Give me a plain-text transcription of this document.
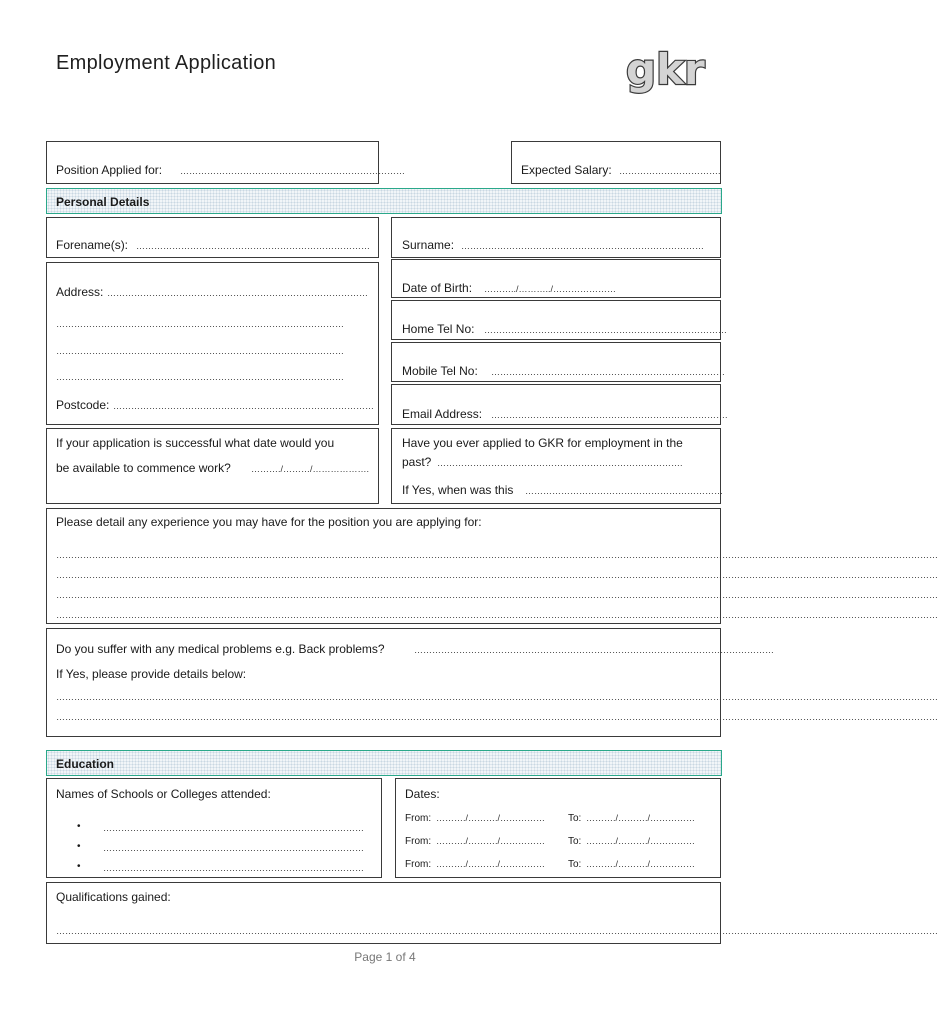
Employment Application	gkr
Position Applied for: …………………………………………………………………	Expected Salary: …………………………….
Personal Details
Forename(s): ……………………………………………………………………	Surname: ………………………………………………………………………
Address: ……………………………………………………………………………
……………………………………………………………………………………
……………………………………………………………………………………
……………………………………………………………………………………
Postcode: ……………………………………………………………………………
Date of Birth: ………../………../…………………
Home Tel No: ………………………………………………………………………
Mobile Tel No: ……………………………………………………………………
Email Address: …………………………………………………………………….
If your application is successful what date would you
be available to commence work? ………./………/……………….
Have you ever applied to GKR for employment in the
past? ……………………………………………………………………….
If Yes, when was this …………………………………………………………
Please detail any experience you may have for the position you are applying for:
……………………………………………………………………………………………………………………………………………………………………………………………………………………………………………………………………
……………………………………………………………………………………………………………………………………………………………………………………………………………………………………………………………………
……………………………………………………………………………………………………………………………………………………………………………………………………………………………………………………………………
……………………………………………………………………………………………………………………………………………………………………………………………………………………………………………………………………
Do you suffer with any medical problems e.g. Back problems?	…………………………………………………………………………………………………………
If Yes, please provide details below:
……………………………………………………………………………………………………………………………………………………………………………………………………………………………………………………………………
……………………………………………………………………………………………………………………………………………………………………………………………………………………………………………………………………
Education
Names of Schools or Colleges attended:
• ……………………………………………………………………………
• ……………………………………………………………………………
• ……………………………………………………………………………
Dates:
From: ………./………./…………… To: ………./………./……………
From: ………./………./…………… To: ………./………./……………
From: ………./………./…………… To: ………./………./……………
Qualifications gained:
……………………………………………………………………………………………………………………………………………………………………………………………………………………………………………………………………
Page 1 of 4
